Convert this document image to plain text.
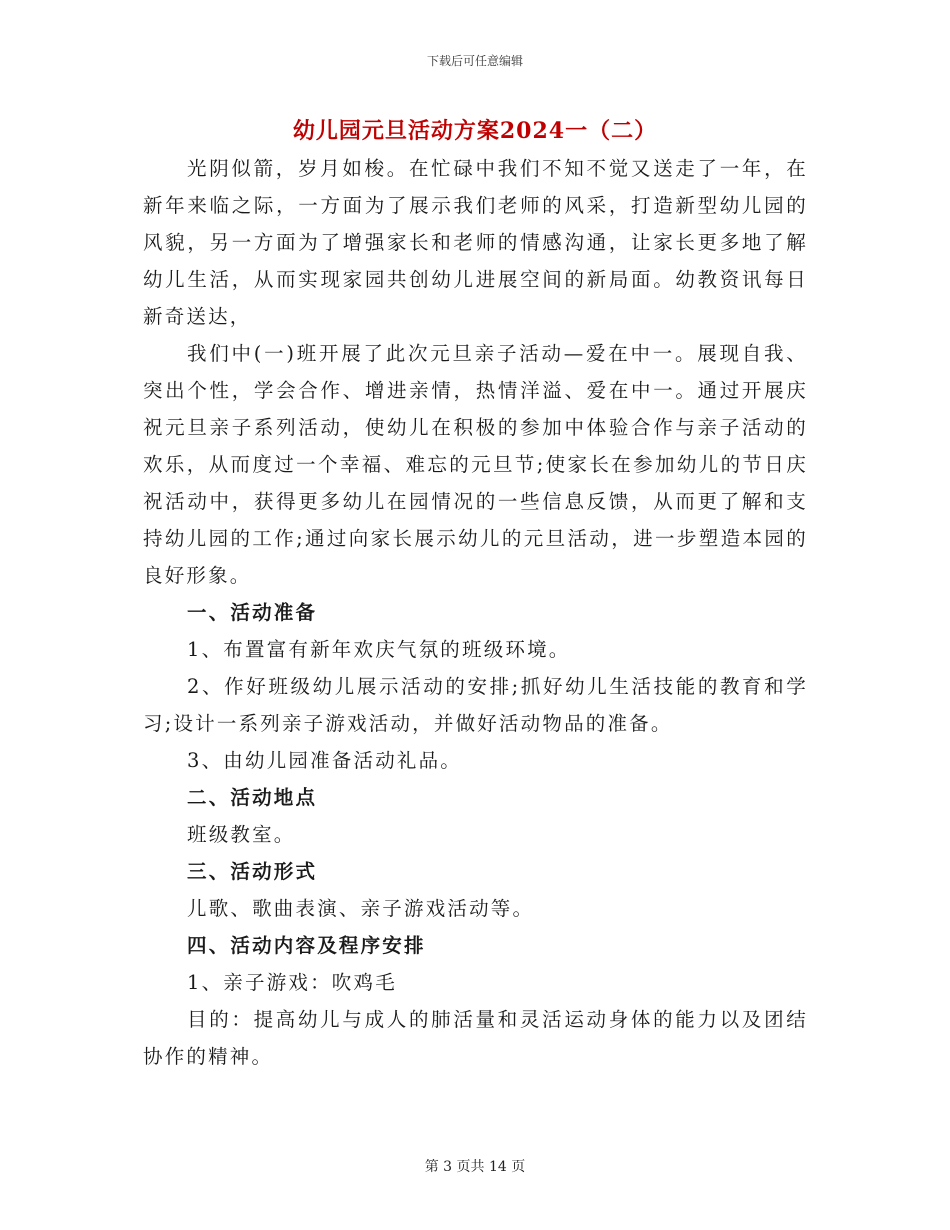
下载后可任意编辑
幼儿园元旦活动方案2024一（二）

光阴似箭，岁月如梭。在忙碌中我们不知不觉又送走了一年，在新年来临之际，一方面为了展示我们老师的风采，打造新型幼儿园的风貌，另一方面为了增强家长和老师的情感沟通，让家长更多地了解幼儿生活，从而实现家园共创幼儿进展空间的新局面。幼教资讯每日新奇送达，

我们中(一)班开展了此次元旦亲子活动—爱在中一。展现自我、突出个性，学会合作、增进亲情，热情洋溢、爱在中一。通过开展庆祝元旦亲子系列活动，使幼儿在积极的参加中体验合作与亲子活动的欢乐，从而度过一个幸福、难忘的元旦节;使家长在参加幼儿的节日庆祝活动中，获得更多幼儿在园情况的一些信息反馈，从而更了解和支持幼儿园的工作;通过向家长展示幼儿的元旦活动，进一步塑造本园的良好形象。

一、活动准备

1、布置富有新年欢庆气氛的班级环境。

2、作好班级幼儿展示活动的安排;抓好幼儿生活技能的教育和学习;设计一系列亲子游戏活动，并做好活动物品的准备。

3、由幼儿园准备活动礼品。

二、活动地点

班级教室。

三、活动形式

儿歌、歌曲表演、亲子游戏活动等。

四、活动内容及程序安排

1、亲子游戏：吹鸡毛

目的：提高幼儿与成人的肺活量和灵活运动身体的能力以及团结协作的精神。

第 3 页共 14 页
